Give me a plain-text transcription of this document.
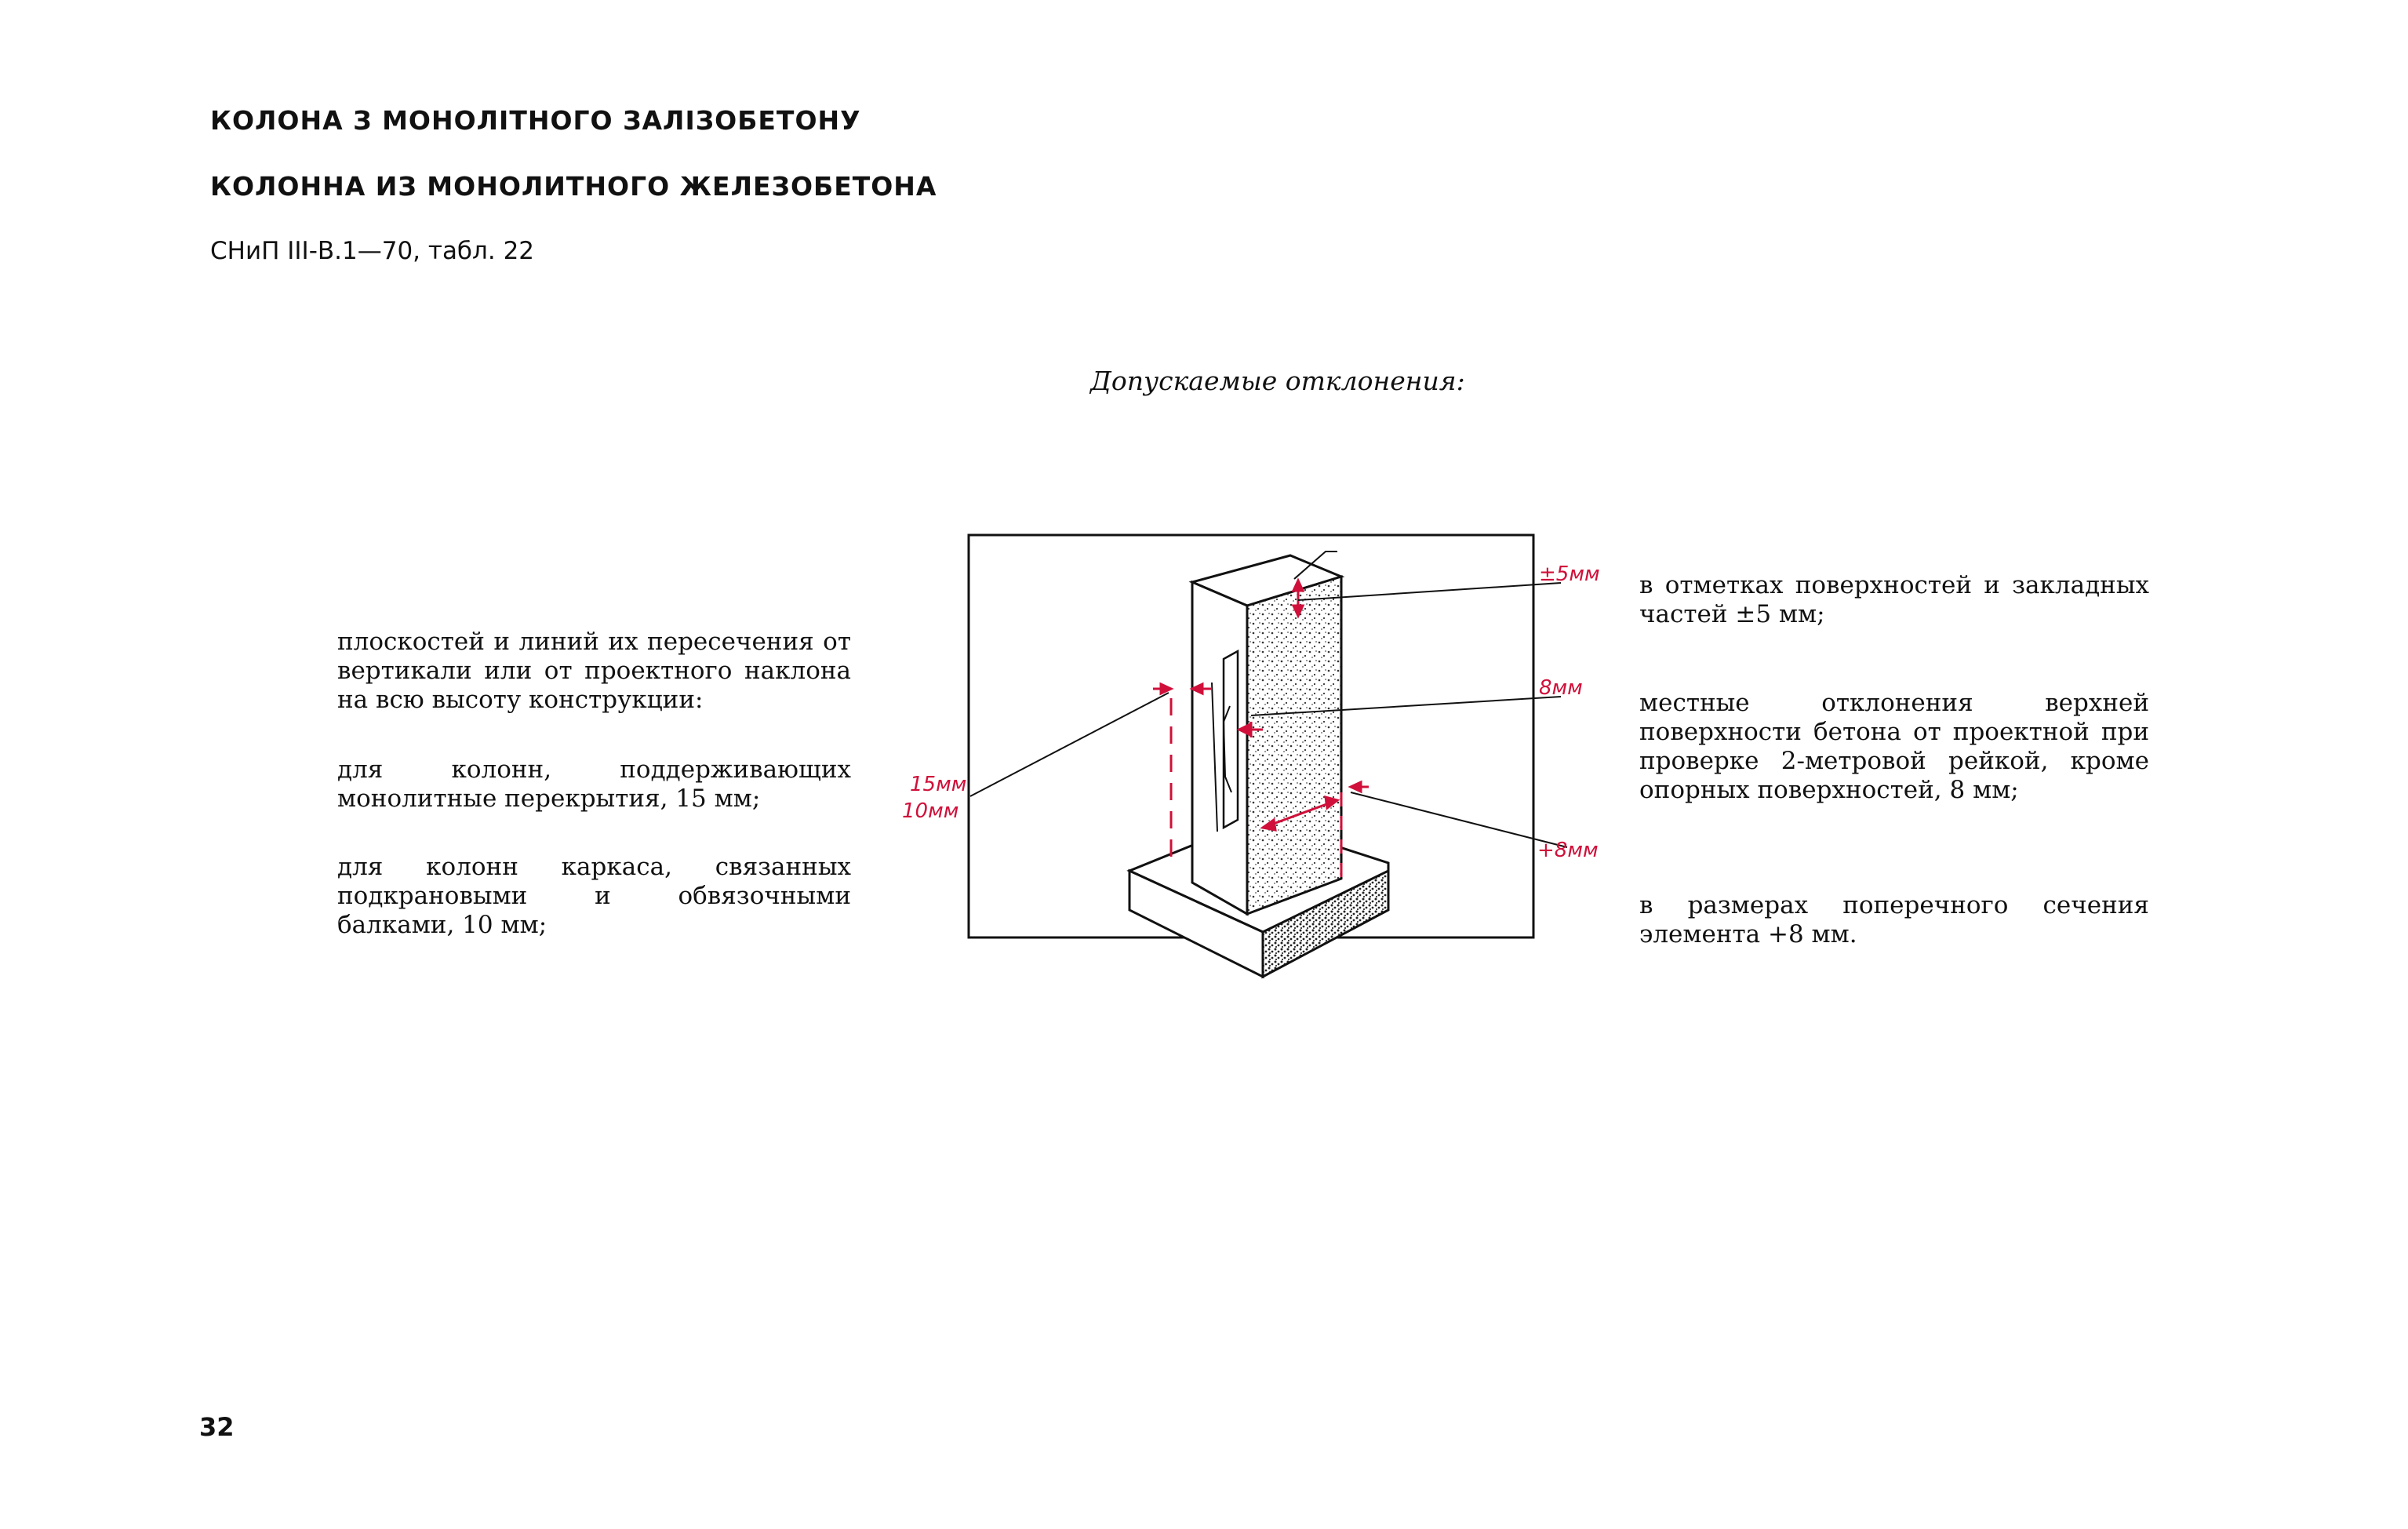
КОЛОНА З МОНОЛІТНОГО ЗАЛІЗОБЕТОНУ
КОЛОННА ИЗ МОНОЛИТНОГО ЖЕЛЕЗОБЕТОНА
СНиП III-В.1—70, табл. 22
Допускаемые отклонения:

плоскостей и линий их пересечения от вертикали или от проектного наклона на всю высоту конструкции:

для колонн, поддерживающих монолитные перекрытия, 15 мм;

для колонн каркаса, связанных подкрановыми и обвязочными балками, 10 мм;

в отметках поверхностей и закладных частей ±5 мм;

местные отклонения верхней поверхности бетона от проектной при проверке 2-метровой рейкой, кроме опорных поверхностей, 8 мм;

в размерах поперечного сечения элемента +8 мм.

±5мм
8мм
15мм
10мм
+8мм
32
